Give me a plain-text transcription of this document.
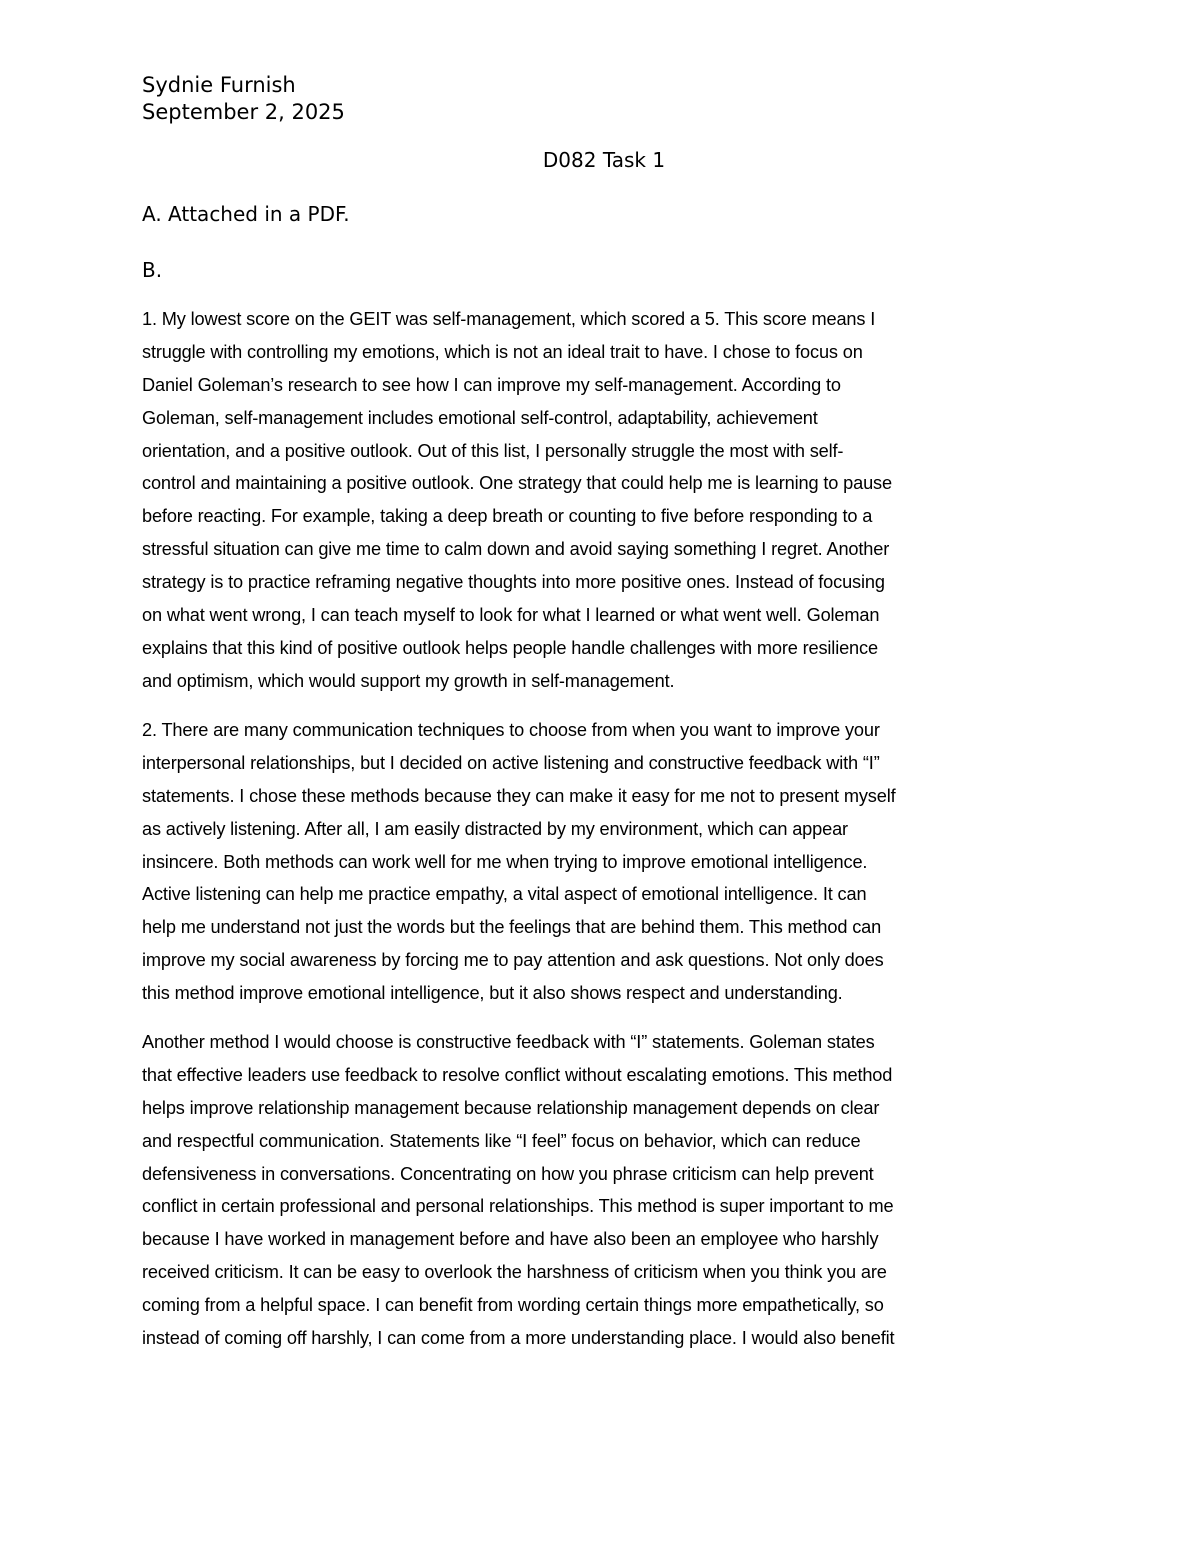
Sydnie Furnish
September 2, 2025
D082 Task 1
A. Attached in a PDF.
B.
1. My lowest score on the GEIT was self-management, which scored a 5. This score means I
struggle with controlling my emotions, which is not an ideal trait to have. I chose to focus on
Daniel Goleman’s research to see how I can improve my self-management. According to
Goleman, self-management includes emotional self-control, adaptability, achievement
orientation, and a positive outlook. Out of this list, I personally struggle the most with self-
control and maintaining a positive outlook. One strategy that could help me is learning to pause
before reacting. For example, taking a deep breath or counting to five before responding to a
stressful situation can give me time to calm down and avoid saying something I regret. Another
strategy is to practice reframing negative thoughts into more positive ones. Instead of focusing
on what went wrong, I can teach myself to look for what I learned or what went well. Goleman
explains that this kind of positive outlook helps people handle challenges with more resilience
and optimism, which would support my growth in self-management.
2. There are many communication techniques to choose from when you want to improve your
interpersonal relationships, but I decided on active listening and constructive feedback with “I”
statements. I chose these methods because they can make it easy for me not to present myself
as actively listening. After all, I am easily distracted by my environment, which can appear
insincere. Both methods can work well for me when trying to improve emotional intelligence.
Active listening can help me practice empathy, a vital aspect of emotional intelligence. It can
help me understand not just the words but the feelings that are behind them. This method can
improve my social awareness by forcing me to pay attention and ask questions. Not only does
this method improve emotional intelligence, but it also shows respect and understanding.
Another method I would choose is constructive feedback with “I” statements. Goleman states
that effective leaders use feedback to resolve conflict without escalating emotions. This method
helps improve relationship management because relationship management depends on clear
and respectful communication. Statements like “I feel” focus on behavior, which can reduce
defensiveness in conversations. Concentrating on how you phrase criticism can help prevent
conflict in certain professional and personal relationships. This method is super important to me
because I have worked in management before and have also been an employee who harshly
received criticism. It can be easy to overlook the harshness of criticism when you think you are
coming from a helpful space. I can benefit from wording certain things more empathetically, so
instead of coming off harshly, I can come from a more understanding place. I would also benefit
